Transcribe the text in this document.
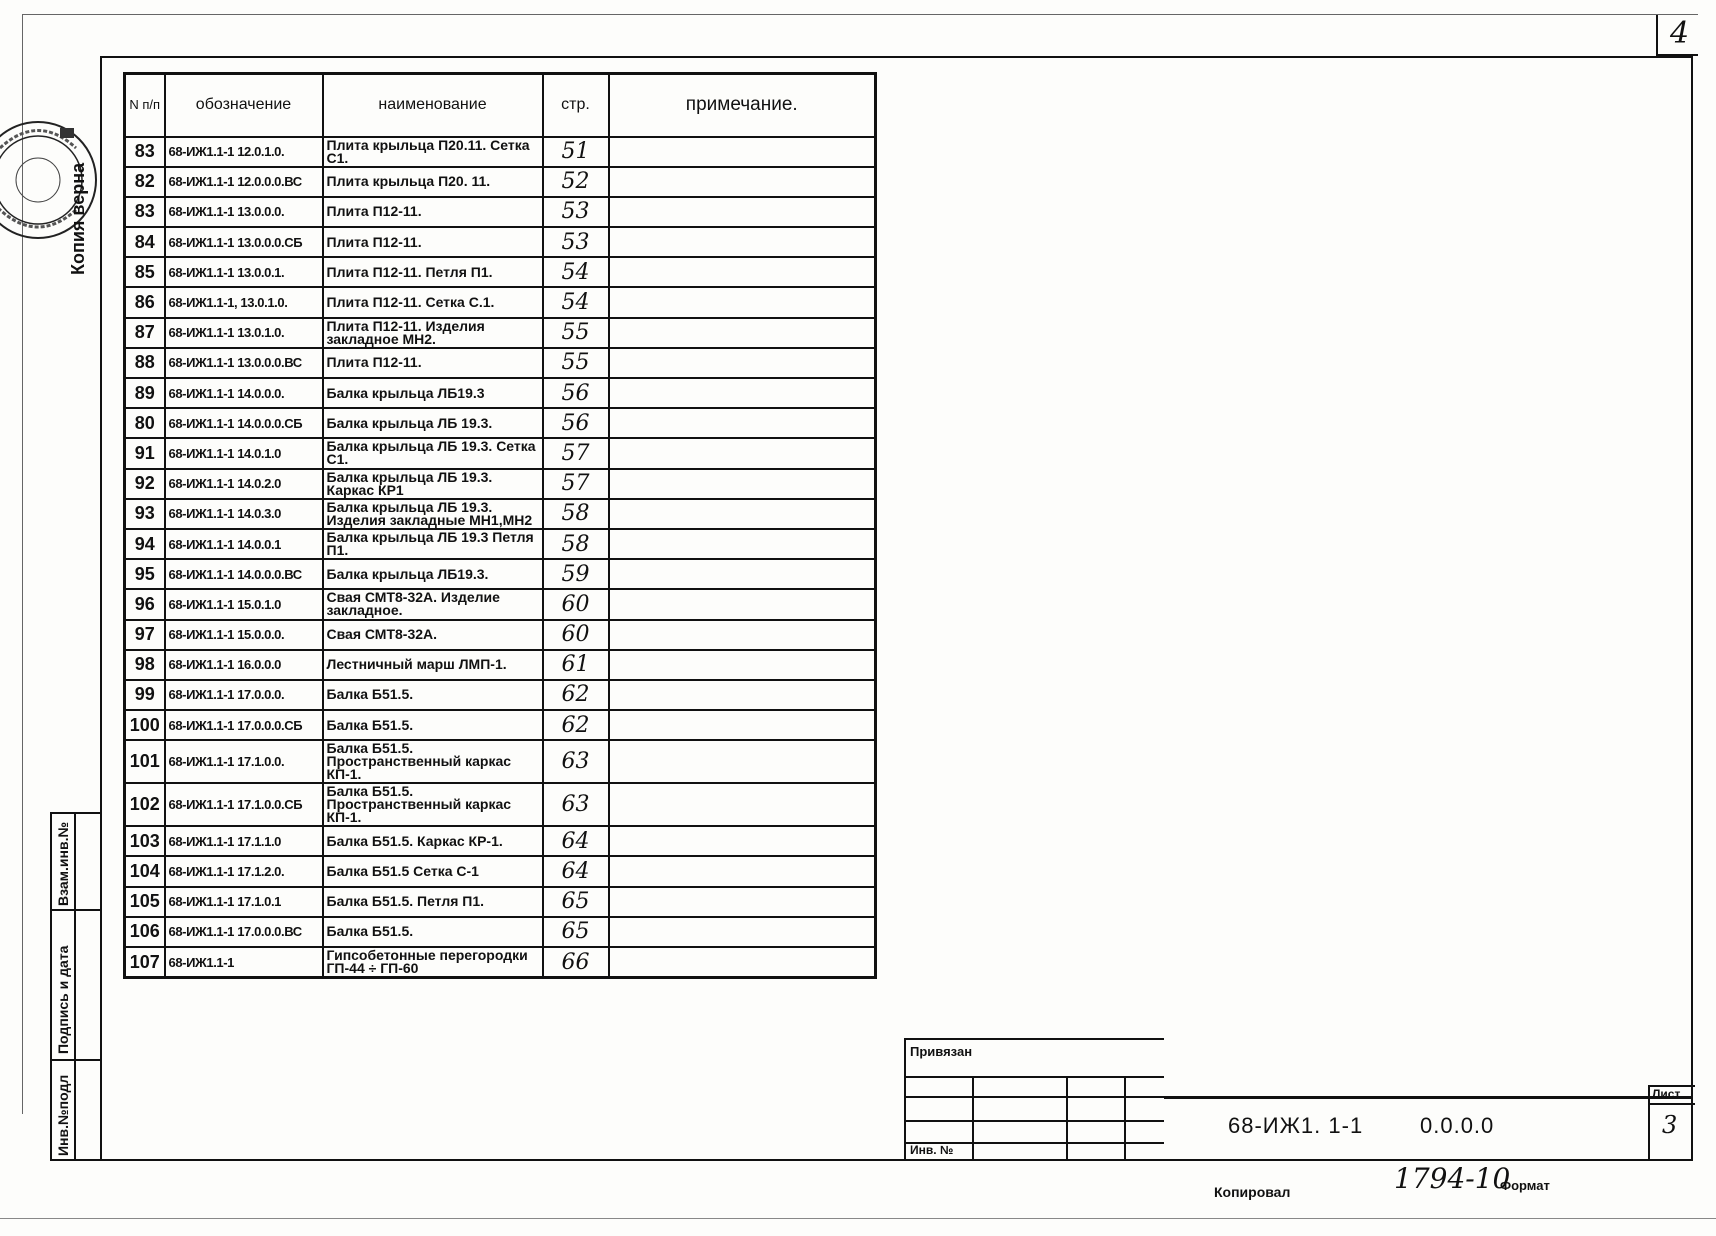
4
Копия верна
N п/п	обозначение	наименование	стр.	примечание.
83	68-ИЖ1.1-1 12.0.1.0.	Плита крыльца П20.11. Сетка С1.	51	
82	68-ИЖ1.1-1 12.0.0.0.ВС	Плита крыльца П20. 11.	52	
83	68-ИЖ1.1-1 13.0.0.0.	Плита П12-11.	53	
84	68-ИЖ1.1-1 13.0.0.0.СБ	Плита П12-11.	53	
85	68-ИЖ1.1-1 13.0.0.1.	Плита П12-11. Петля П1.	54	
86	68-ИЖ1.1-1, 13.0.1.0.	Плита П12-11. Сетка С.1.	54	
87	68-ИЖ1.1-1 13.0.1.0.	Плита П12-11. Изделия закладное МН2.	55	
88	68-ИЖ1.1-1 13.0.0.0.ВС	Плита П12-11.	55	
89	68-ИЖ1.1-1 14.0.0.0.	Балка крыльца ЛБ19.3	56	
80	68-ИЖ1.1-1 14.0.0.0.СБ	Балка крыльца ЛБ 19.3.	56	
91	68-ИЖ1.1-1 14.0.1.0	Балка крыльца ЛБ 19.3. Сетка С1.	57	
92	68-ИЖ1.1-1 14.0.2.0	Балка крыльца ЛБ 19.3. Каркас КР1	57	
93	68-ИЖ1.1-1 14.0.3.0	Балка крыльца ЛБ 19.3. Изделия закладные МН1,МН2	58	
94	68-ИЖ1.1-1 14.0.0.1	Балка крыльца ЛБ 19.3 Петля П1.	58	
95	68-ИЖ1.1-1 14.0.0.0.ВС	Балка крыльца ЛБ19.3.	59	
96	68-ИЖ1.1-1 15.0.1.0	Свая СМТ8-32А. Изделие закладное.	60	
97	68-ИЖ1.1-1 15.0.0.0.	Свая СМТ8-32А.	60	
98	68-ИЖ1.1-1 16.0.0.0	Лестничный марш ЛМП-1.	61	
99	68-ИЖ1.1-1 17.0.0.0.	Балка Б51.5.	62	
100	68-ИЖ1.1-1 17.0.0.0.СБ	Балка Б51.5.	62	
101	68-ИЖ1.1-1 17.1.0.0.	Балка Б51.5. Пространственный каркас КП-1.	63	
102	68-ИЖ1.1-1 17.1.0.0.СБ	Балка Б51.5. Пространственный каркас КП-1.	63	
103	68-ИЖ1.1-1 17.1.1.0	Балка Б51.5. Каркас КР-1.	64	
104	68-ИЖ1.1-1 17.1.2.0.	Балка Б51.5 Сетка С-1	64	
105	68-ИЖ1.1-1 17.1.0.1	Балка Б51.5. Петля П1.	65	
106	68-ИЖ1.1-1 17.0.0.0.ВС	Балка Б51.5.	65	
107	68-ИЖ1.1-1	Гипсобетонные перегородки ГП-44 ÷ ГП-60	66	
Взам.инв.№
Подпись и дата
Инв.№подл
Привязан
Инв. №
68-ИЖ1. 1-1	0.0.0.0
Лист
3
Копировал	1794-10
Формат
